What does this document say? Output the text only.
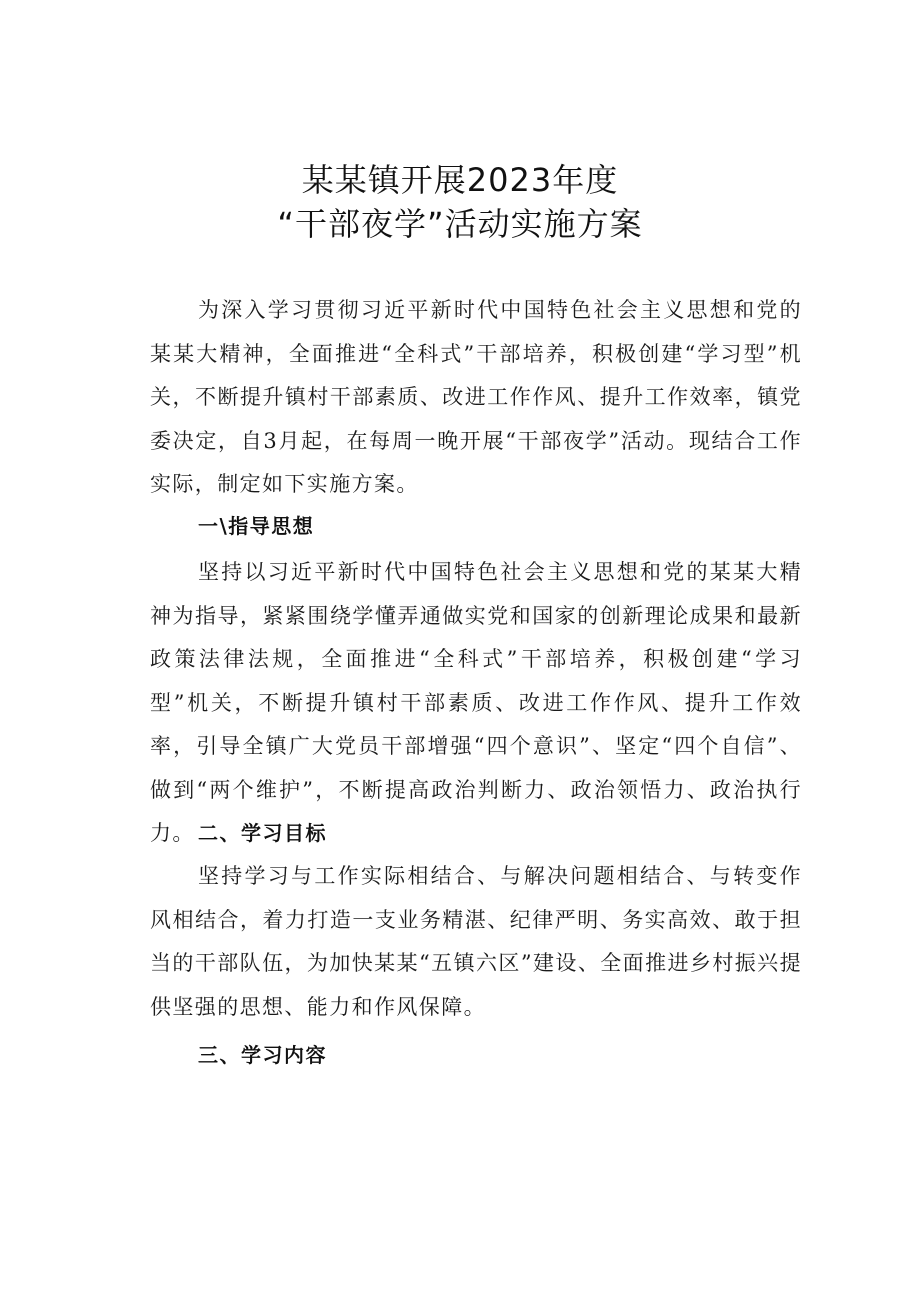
某某镇开展2023年度
“干部夜学”活动实施方案

为深入学习贯彻习近平新时代中国特色社会主义思想和党的某某大精神，全面推进“全科式”干部培养，积极创建“学习型”机关，不断提升镇村干部素质、改进工作作风、提升工作效率，镇党委决定，自3月起，在每周一晚开展“干部夜学”活动。现结合工作实际，制定如下实施方案。

一\指导思想

坚持以习近平新时代中国特色社会主义思想和党的某某大精神为指导，紧紧围绕学懂弄通做实党和国家的创新理论成果和最新政策法律法规，全面推进“全科式”干部培养，积极创建“学习型”机关，不断提升镇村干部素质、改进工作作风、提升工作效率，引导全镇广大党员干部增强“四个意识”、坚定“四个自信”、做到“两个维护”，不断提高政治判断力、政治领悟力、政治执行力。 二、学习目标

坚持学习与工作实际相结合、与解决问题相结合、与转变作风相结合，着力打造一支业务精湛、纪律严明、务实高效、敢于担当的干部队伍，为加快某某“五镇六区”建设、全面推进乡村振兴提供坚强的思想、能力和作风保障。

三、学习内容
